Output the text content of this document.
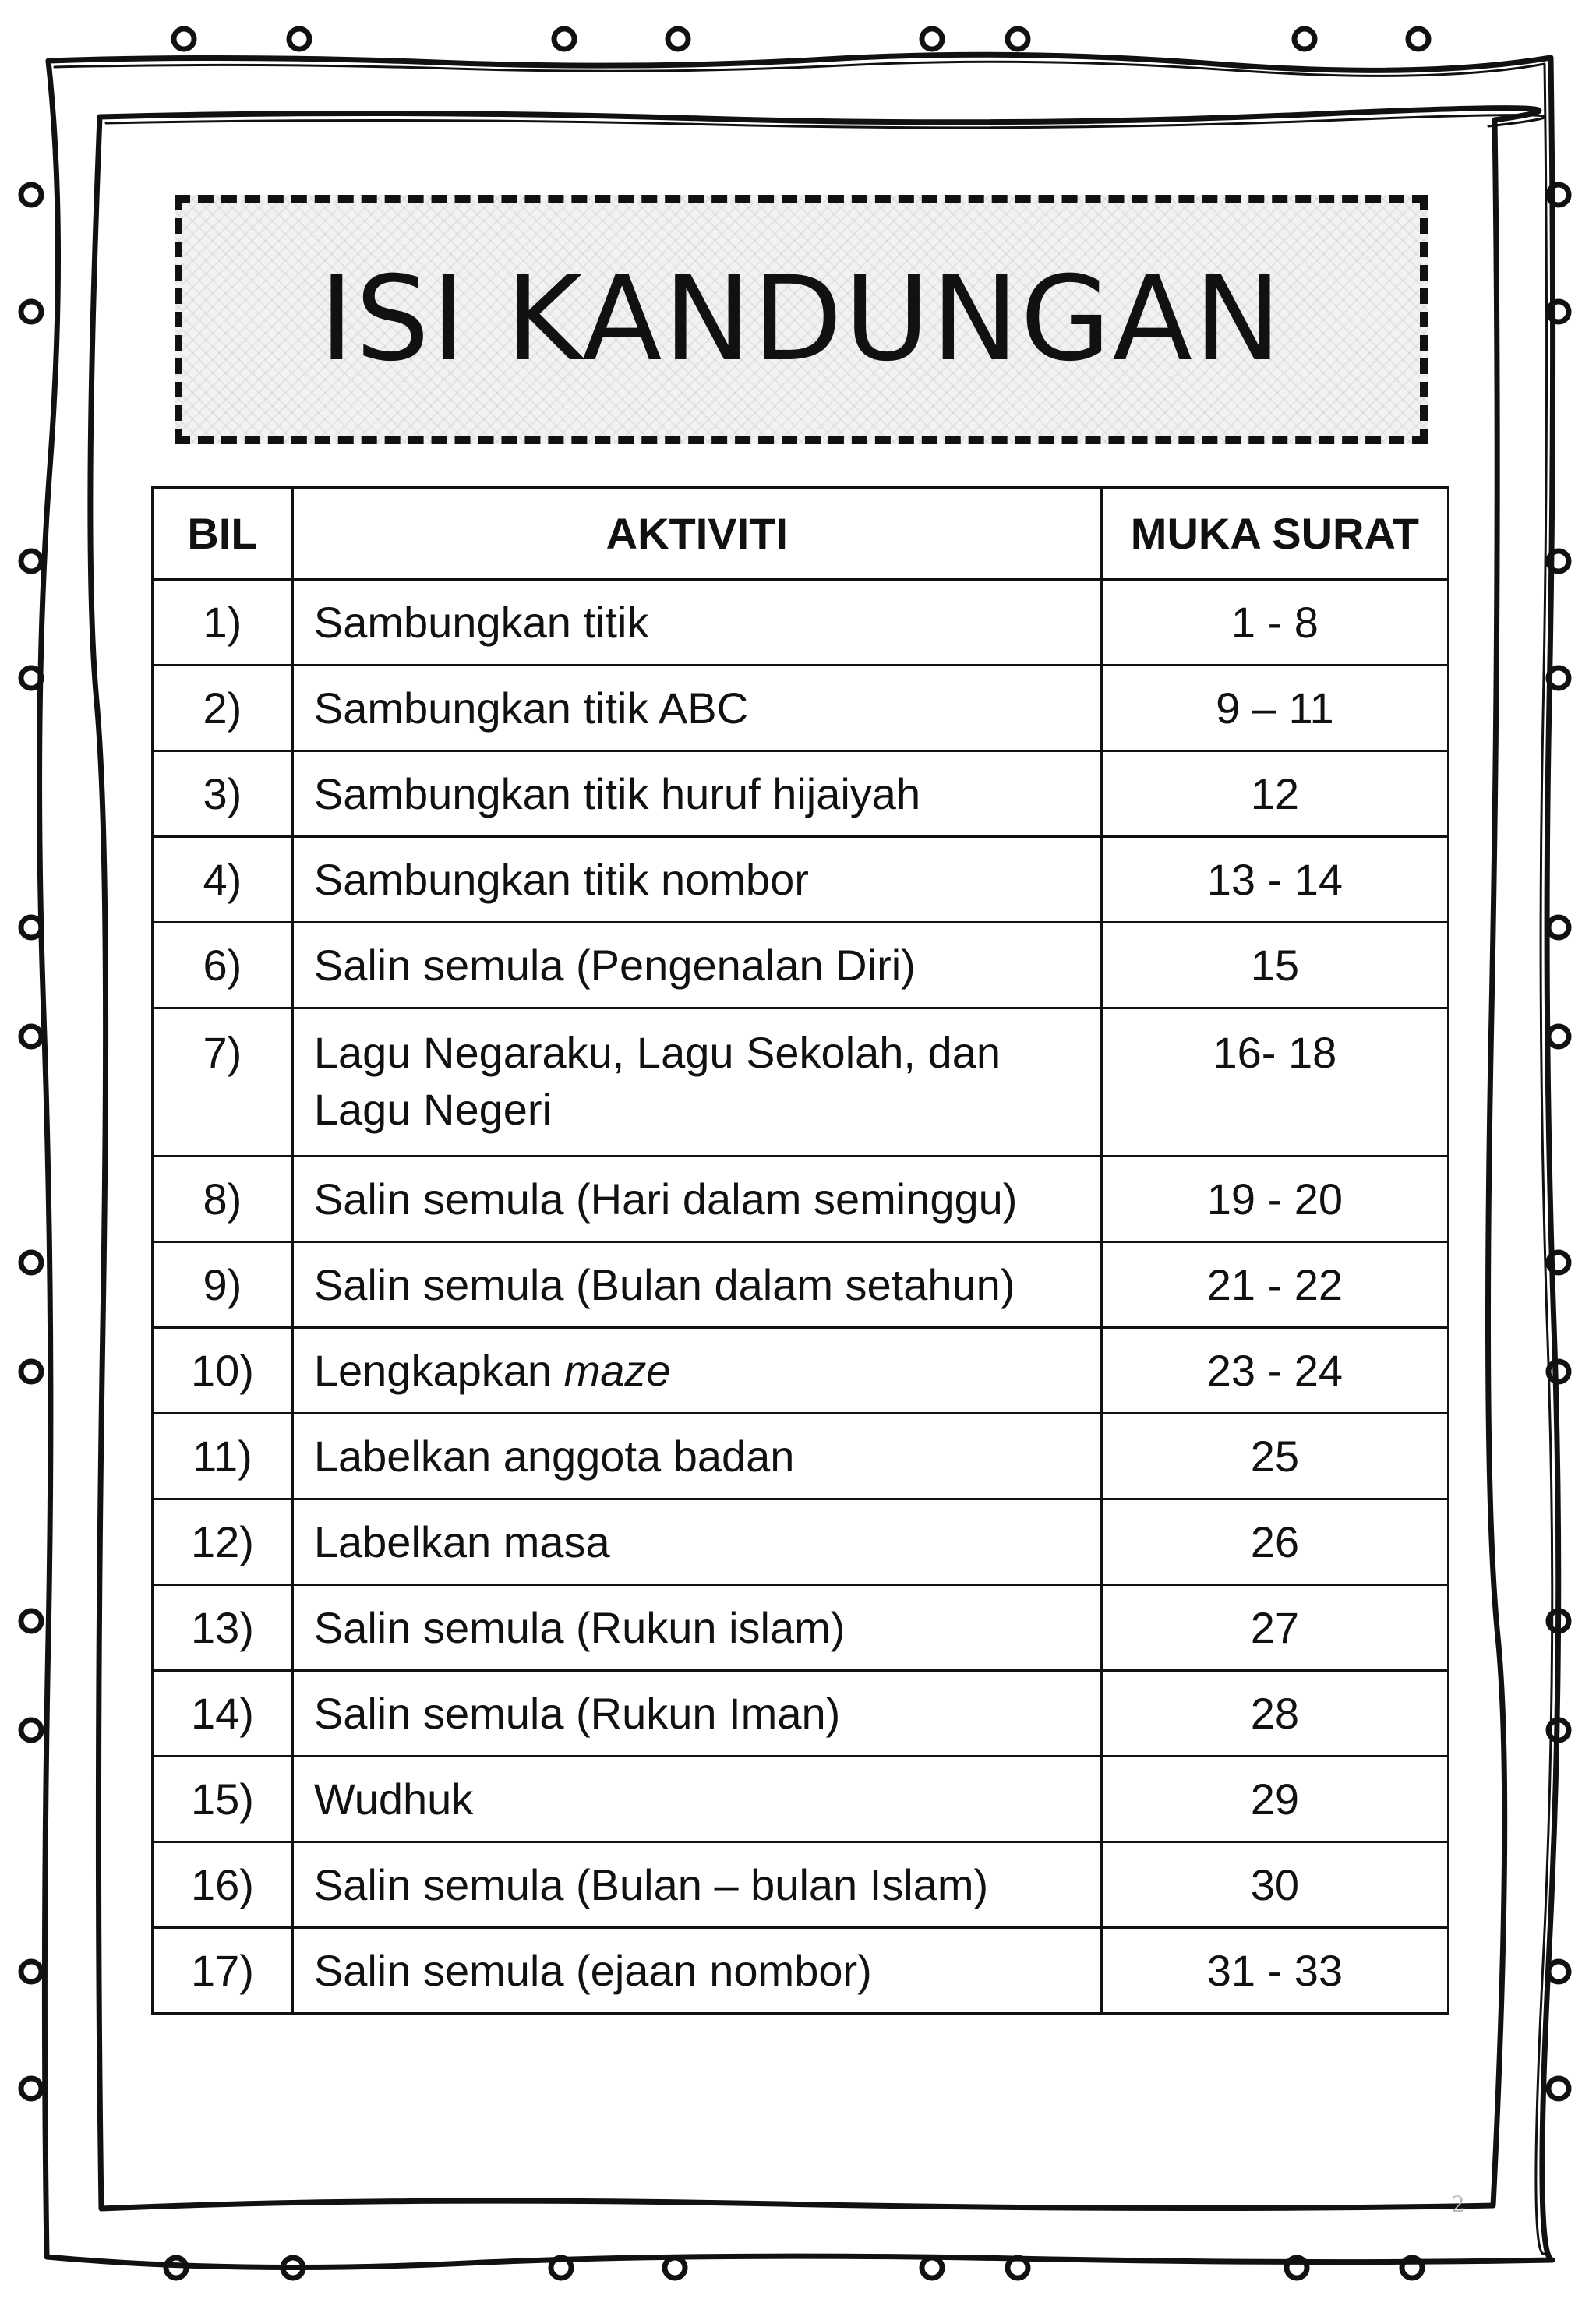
ISI KANDUNGAN
BIL	AKTIVITI	MUKA SURAT
1)	Sambungkan titik	1 - 8
2)	Sambungkan titik ABC	9 – 11
3)	Sambungkan titik huruf hijaiyah	12
4)	Sambungkan titik nombor	13 - 14
6)	Salin semula (Pengenalan Diri)	15
7)	Lagu Negaraku, Lagu Sekolah, dan Lagu Negeri	16- 18
8)	Salin semula (Hari dalam seminggu)	19 - 20
9)	Salin semula (Bulan dalam setahun)	21 - 22
10)	Lengkapkan maze	23 - 24
11)	Labelkan anggota badan	25
12)	Labelkan masa	26
13)	Salin semula (Rukun islam)	27
14)	Salin semula (Rukun Iman)	28
15)	Wudhuk	29
16)	Salin semula (Bulan – bulan Islam)	30
17)	Salin semula (ejaan nombor)	31 - 33
2
